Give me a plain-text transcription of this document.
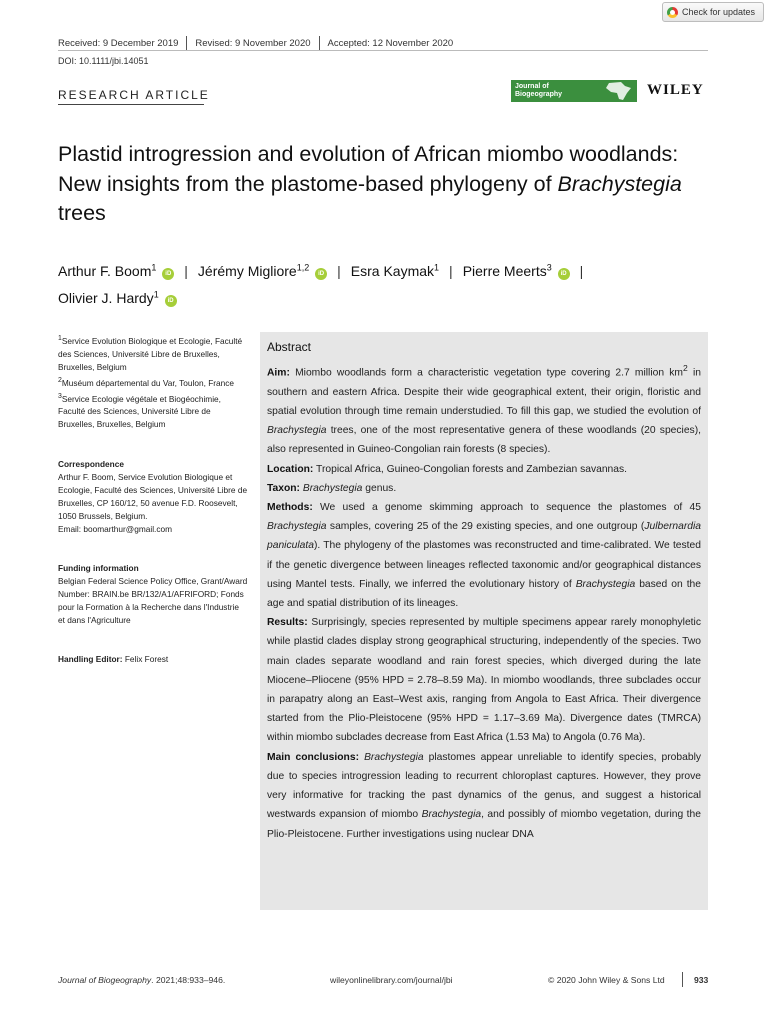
Check for updates
Received: 9 December 2019 Revised: 9 November 2020 Accepted: 12 November 2020
DOI: 10.1111/jbi.14051
RESEARCH ARTICLE
Journal of
Biogeography	WILEY
Plastid introgression and evolution of African miombo woodlands: New insights from the plastome-based phylogeny of Brachystegia trees
Arthur F. Boom$^1$ iD | Jérémy Migliore$^{1,2}$ iD | Esra Kaymak$^1$ | Pierre Meerts$^3$ iD |
Olivier J. Hardy$^1$ iD
$^1$Service Evolution Biologique et Ecologie, Faculté des Sciences, Université Libre de Bruxelles, Bruxelles, Belgium
$^2$Muséum départemental du Var, Toulon, France
$^3$Service Ecologie végétale et Biogéochimie, Faculté des Sciences, Université Libre de Bruxelles, Bruxelles, Belgium
Correspondence
Arthur F. Boom, Service Evolution Biologique et Ecologie, Faculté des Sciences, Université Libre de Bruxelles, CP 160/12, 50 avenue F.D. Roosevelt, 1050 Brussels, Belgium.
Email: boomarthur@gmail.com
Funding information
Belgian Federal Science Policy Office, Grant/Award Number: BRAIN.be BR/132/A1/AFRIFORD; Fonds pour la Formation à la Recherche dans l'Industrie et dans l'Agriculture
Handling Editor: Felix Forest
Abstract

Aim: Miombo woodlands form a characteristic vegetation type covering 2.7 million $km^2$ in southern and eastern Africa. Despite their wide geographical extent, their origin, floristic and spatial evolution through time remain understudied. To fill this gap, we studied the evolution of Brachystegia trees, one of the most representative genera of these woodlands (20 species), also represented in Guineo-Congolian rain forests (8 species).

Location: Tropical Africa, Guineo-Congolian forests and Zambezian savannas.

Taxon: Brachystegia genus.

Methods: We used a genome skimming approach to sequence the plastomes of 45 Brachystegia samples, covering 25 of the 29 existing species, and one outgroup (Julbernardia paniculata). The phylogeny of the plastomes was reconstructed and time-calibrated. We tested if the genetic divergence between lineages reflected taxonomic and/or geographical distances using Mantel tests. Finally, we inferred the evolutionary history of Brachystegia based on the age and spatial distribution of its lineages.

Results: Surprisingly, species represented by multiple specimens appear rarely monophyletic while plastid clades display strong geographical structuring, independently of the species. Two main clades separate woodland and rain forest species, which diverged during the late Miocene–Pliocene (95% HPD = 2.78–8.59 Ma). In miombo woodlands, three subclades occur in parapatry along an East–West axis, ranging from Angola to East Africa. Their divergence started from the Plio-Pleistocene (95% HPD = 1.17–3.69 Ma). Divergence dates (TMRCA) within miombo subclades decrease from East Africa (1.53 Ma) to Angola (0.76 Ma).

Main conclusions: Brachystegia plastomes appear unreliable to identify species, probably due to species introgression leading to recurrent chloroplast captures. However, they prove very informative for tracking the past dynamics of the genus, and suggest a historical westwards expansion of miombo Brachystegia, and possibly of miombo vegetation, during the Plio-Pleistocene. Further investigations using nuclear DNA

Journal of Biogeography. 2021;48:933–946.	wileyonlinelibrary.com/journal/jbi	© 2020 John Wiley & Sons Ltd	933
